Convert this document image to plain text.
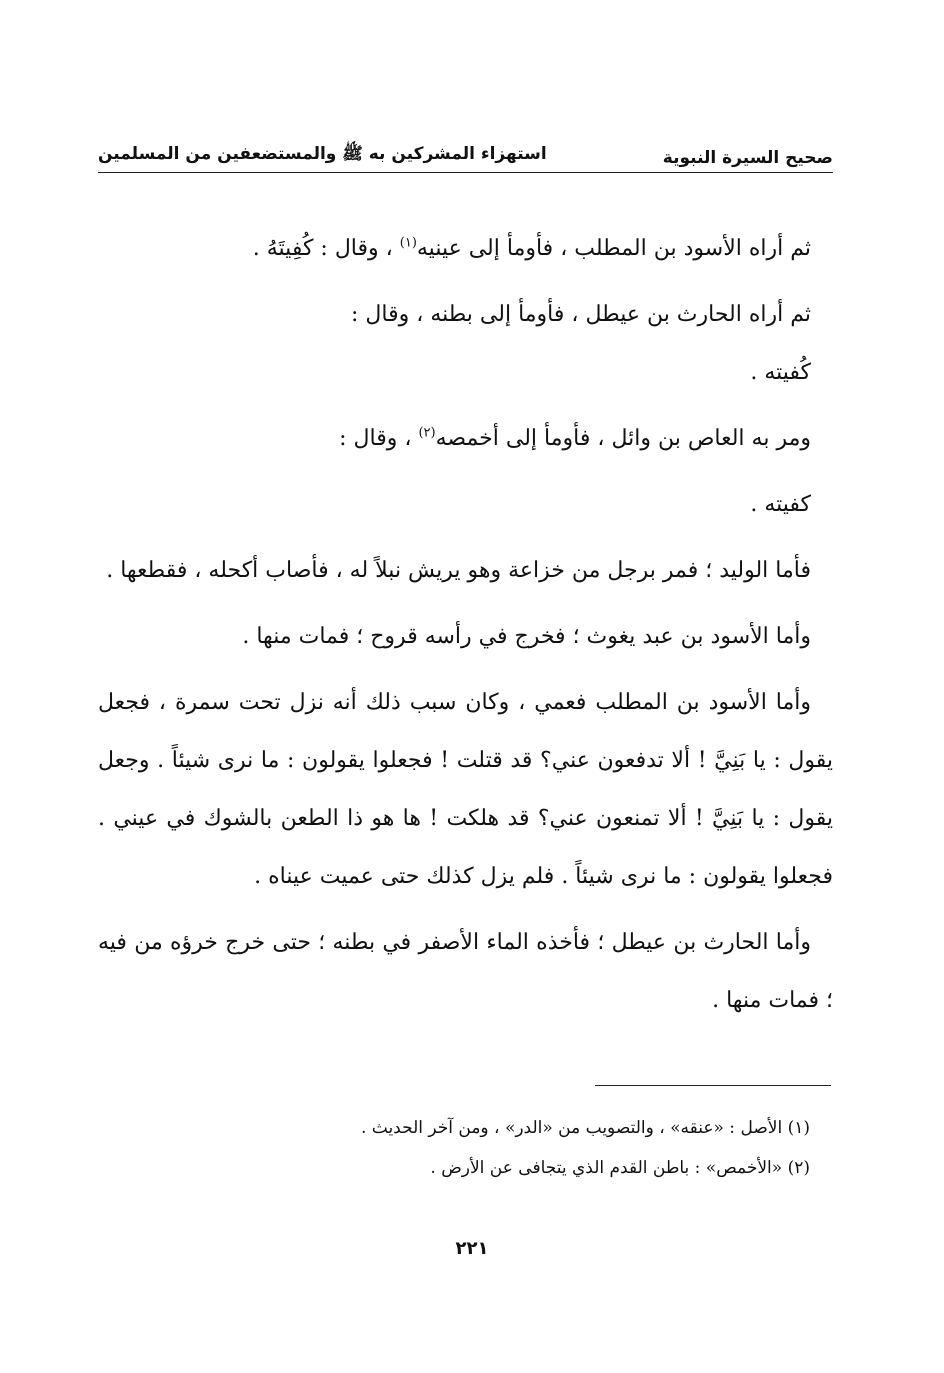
صحيح السيرة النبوية
استهزاء المشركين به ﷺ والمستضعفين من المسلمين

ثم أراه الأسود بن المطلب ، فأومأ إلى عينيه$^{(١)}$ ، وقال : كُفِيتَهُ .

ثم أراه الحارث بن عيطل ، فأومأ إلى بطنه ، وقال :

كُفيته .

ومر به العاص بن وائل ، فأومأ إلى أخمصه$^{(٢)}$ ، وقال :

كفيته .

فأما الوليد ؛ فمر برجل من خزاعة وهو يريش نبلاً له ، فأصاب أكحله ، فقطعها .

وأما الأسود بن عبد يغوث ؛ فخرج في رأسه قروح ؛ فمات منها .

وأما الأسود بن المطلب فعمي ، وكان سبب ذلك أنه نزل تحت سمرة ، فجعل يقول : يا بَنِيَّ ! ألا تدفعون عني؟ قد قتلت ! فجعلوا يقولون : ما نرى شيئاً . وجعل يقول : يا بَنِيَّ ! ألا تمنعون عني؟ قد هلكت ! ها هو ذا الطعن بالشوك في عيني . فجعلوا يقولون : ما نرى شيئاً . فلم يزل كذلك حتى عميت عيناه .

وأما الحارث بن عيطل ؛ فأخذه الماء الأصفر في بطنه ؛ حتى خرج خرؤه من فيه ؛ فمات منها .

(١) الأصل : «عنقه» ، والتصويب من «الدر» ، ومن آخر الحديث .

(٢) «الأخمص» : باطن القدم الذي يتجافى عن الأرض .

٢٢١
